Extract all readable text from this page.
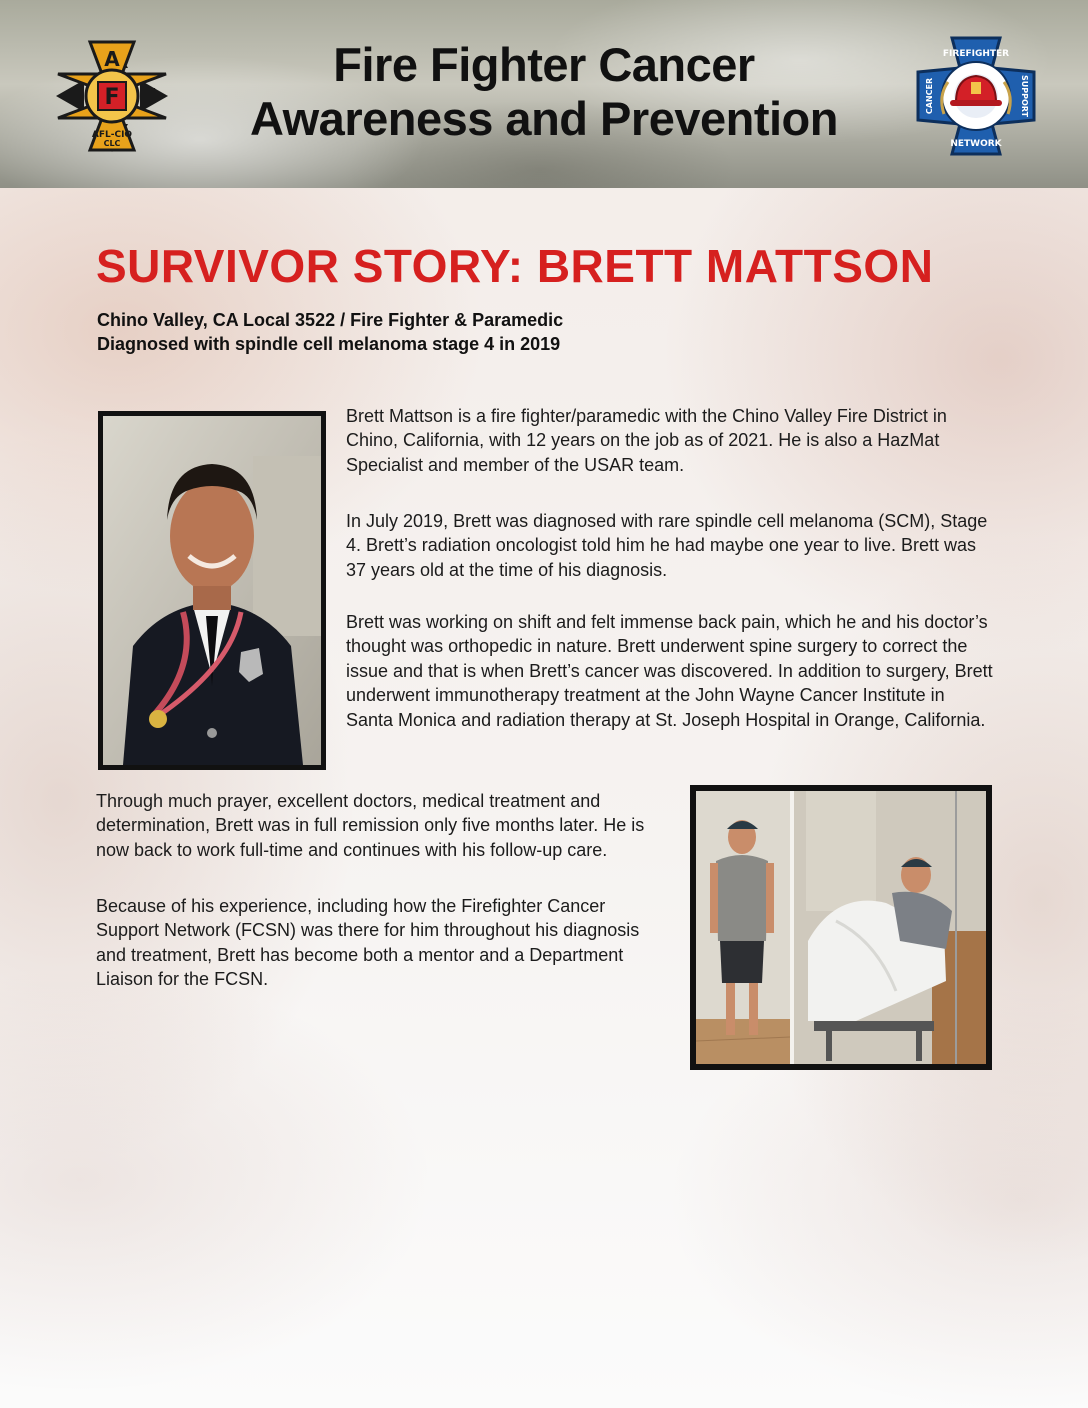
A
I F F
AFL-CIO
CLC
Fire Fighter Cancer
Awareness and Prevention
FIREFIGHTER
NETWORK
CANCER	SUPPORT
SURVIVOR STORY: BRETT MATTSON

Chino Valley, CA Local 3522 / Fire Fighter & Paramedic
Diagnosed with spindle cell melanoma stage 4 in 2019

Brett Mattson is a fire fighter/paramedic with the Chino Valley Fire District in Chino, California, with 12 years on the job as of 2021. He is also a HazMat Specialist and member of the USAR team.

In July 2019, Brett was diagnosed with rare spindle cell melanoma (SCM), Stage 4. Brett’s radiation oncologist told him he had maybe one year to live. Brett was 37 years old at the time of his diagnosis.

Brett was working on shift and felt immense back pain, which he and his doctor’s thought was orthopedic in nature. Brett underwent spine surgery to correct the issue and that is when Brett’s cancer was discovered. In addition to surgery, Brett underwent immunotherapy treatment at the John Wayne Cancer Institute in Santa Monica and radiation therapy at St. Joseph Hospital in Orange, California.

Through much prayer, excellent doctors, medical treatment and determination, Brett was in full remission only five months later. He is now back to work full-time and continues with his follow-up care.

Because of his experience, including how the Firefighter Cancer Support Network (FCSN) was there for him throughout his diagnosis and treatment, Brett has become both a mentor and a Department Liaison for the FCSN.
